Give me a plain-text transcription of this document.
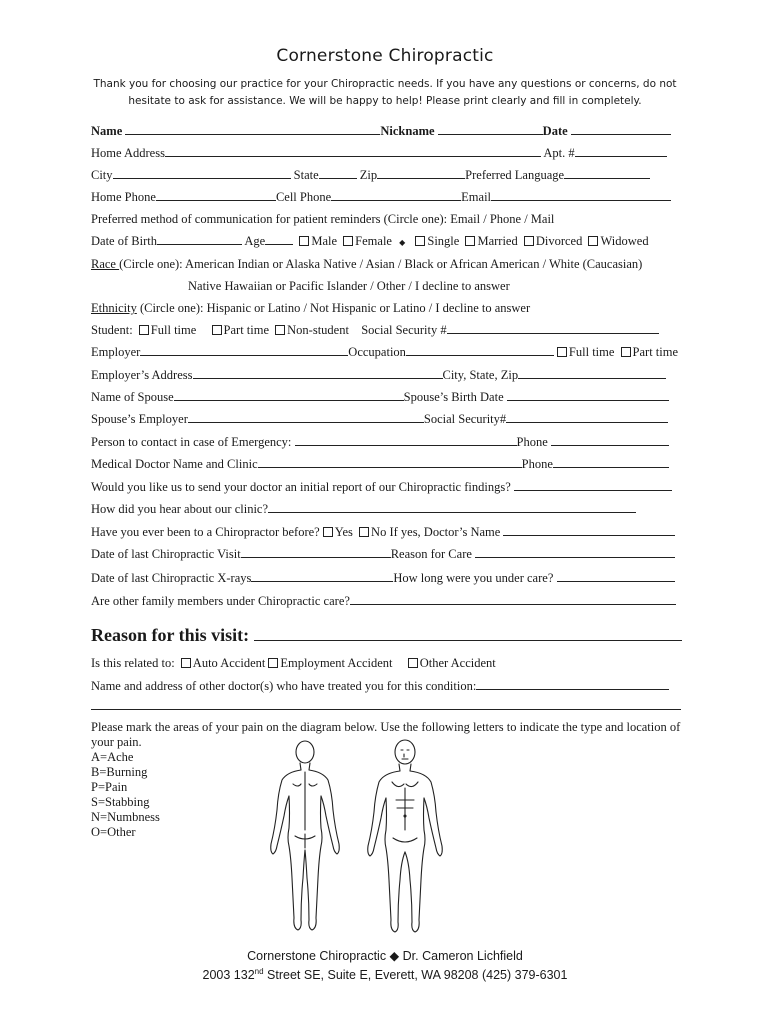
Cornerstone Chiropractic
Thank you for choosing our practice for your Chiropractic needs. If you have any questions or concerns, do not
hesitate to ask for assistance. We will be happy to help! Please print clearly and fill in completely.
Name	Nickname	Date
Home Address	Apt. #
City	State	Zip	Preferred Language
Home Phone	Cell Phone	Email
Preferred method of communication for patient reminders (Circle one): Email / Phone / Mail
Date of Birth	Age	Male Female ◆ Single Married Divorced Widowed
Race (Circle one): American Indian or Alaska Native / Asian / Black or African American / White (Caucasian)
Native Hawaiian or Pacific Islander / Other / I decline to answer
Ethnicity (Circle one): Hispanic or Latino / Not Hispanic or Latino / I decline to answer
Student: Full time Part time Non-student Social Security #
Employer	Occupation	Full time Part time
Employer’s Address	City, State, Zip
Name of Spouse	Spouse’s Birth Date
Spouse’s Employer	Social Security#
Person to contact in case of Emergency:	Phone
Medical Doctor Name and Clinic	Phone
Would you like us to send your doctor an initial report of our Chiropractic findings?
How did you hear about our clinic?
Have you ever been to a Chiropractor before? Yes No If yes, Doctor’s Name
Date of last Chiropractic Visit	Reason for Care
Date of last Chiropractic X-rays	How long were you under care?
Are other family members under Chiropractic care?
Reason for this visit:
Is this related to: Auto Accident Employment Accident Other Accident
Name and address of other doctor(s) who have treated you for this condition:
Please mark the areas of your pain on the diagram below. Use the following letters to indicate the type and location of your pain.
A=Ache
B=Burning
P=Pain
S=Stabbing
N=Numbness
O=Other
Cornerstone Chiropractic ◆ Dr. Cameron Lichfield
2003 132nd Street SE, Suite E, Everett, WA 98208 (425) 379-6301
